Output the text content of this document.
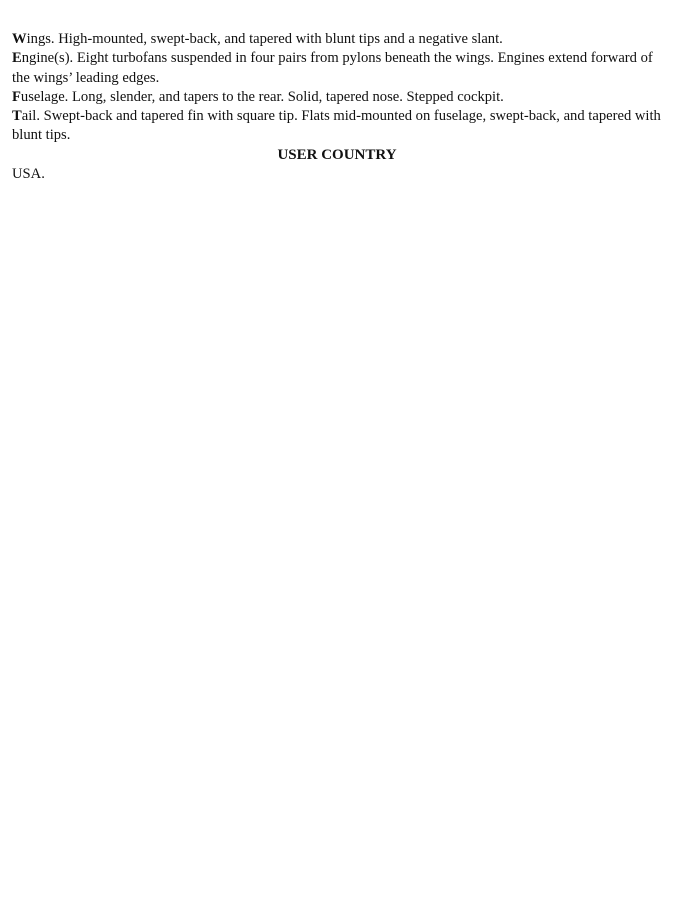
Wings. High-mounted, swept-back, and tapered with blunt tips and a negative slant.

Engine(s). Eight turbofans suspended in four pairs from pylons beneath the wings. Engines extend forward of the wings’ leading edges.

Fuselage. Long, slender, and tapers to the rear. Solid, tapered nose. Stepped cockpit.

Tail. Swept-back and tapered fin with square tip. Flats mid-mounted on fuselage, swept-back, and tapered with blunt tips.

USER COUNTRY

USA.
